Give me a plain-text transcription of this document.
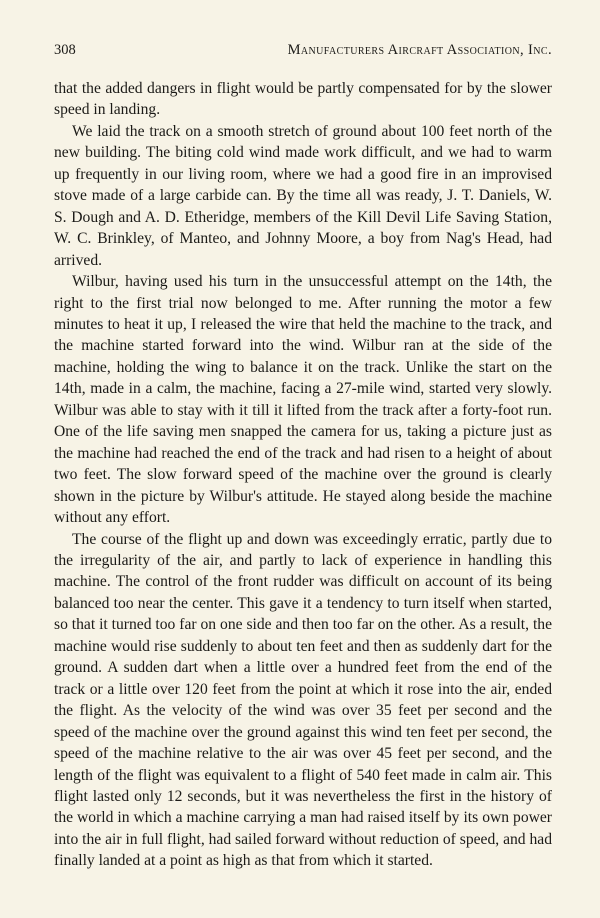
308	Manufacturers Aircraft Association, Inc.

that the added dangers in flight would be partly compensated for by the slower speed in landing.

We laid the track on a smooth stretch of ground about 100 feet north of the new building. The biting cold wind made work difficult, and we had to warm up frequently in our living room, where we had a good fire in an improvised stove made of a large carbide can. By the time all was ready, J. T. Daniels, W. S. Dough and A. D. Etheridge, members of the Kill Devil Life Saving Station, W. C. Brinkley, of Manteo, and Johnny Moore, a boy from Nag's Head, had arrived.

Wilbur, having used his turn in the unsuccessful attempt on the 14th, the right to the first trial now belonged to me. After running the motor a few minutes to heat it up, I released the wire that held the machine to the track, and the machine started forward into the wind. Wilbur ran at the side of the machine, holding the wing to balance it on the track. Unlike the start on the 14th, made in a calm, the machine, facing a 27-mile wind, started very slowly. Wilbur was able to stay with it till it lifted from the track after a forty-foot run. One of the life saving men snapped the camera for us, taking a picture just as the machine had reached the end of the track and had risen to a height of about two feet. The slow forward speed of the machine over the ground is clearly shown in the picture by Wilbur's attitude. He stayed along beside the machine without any effort.

The course of the flight up and down was exceedingly erratic, partly due to the irregularity of the air, and partly to lack of experience in handling this machine. The control of the front rudder was difficult on account of its being balanced too near the center. This gave it a tendency to turn itself when started, so that it turned too far on one side and then too far on the other. As a result, the machine would rise suddenly to about ten feet and then as suddenly dart for the ground. A sudden dart when a little over a hundred feet from the end of the track or a little over 120 feet from the point at which it rose into the air, ended the flight. As the velocity of the wind was over 35 feet per second and the speed of the machine over the ground against this wind ten feet per second, the speed of the machine relative to the air was over 45 feet per second, and the length of the flight was equivalent to a flight of 540 feet made in calm air. This flight lasted only 12 seconds, but it was nevertheless the first in the history of the world in which a machine carrying a man had raised itself by its own power into the air in full flight, had sailed forward without reduction of speed, and had finally landed at a point as high as that from which it started.
